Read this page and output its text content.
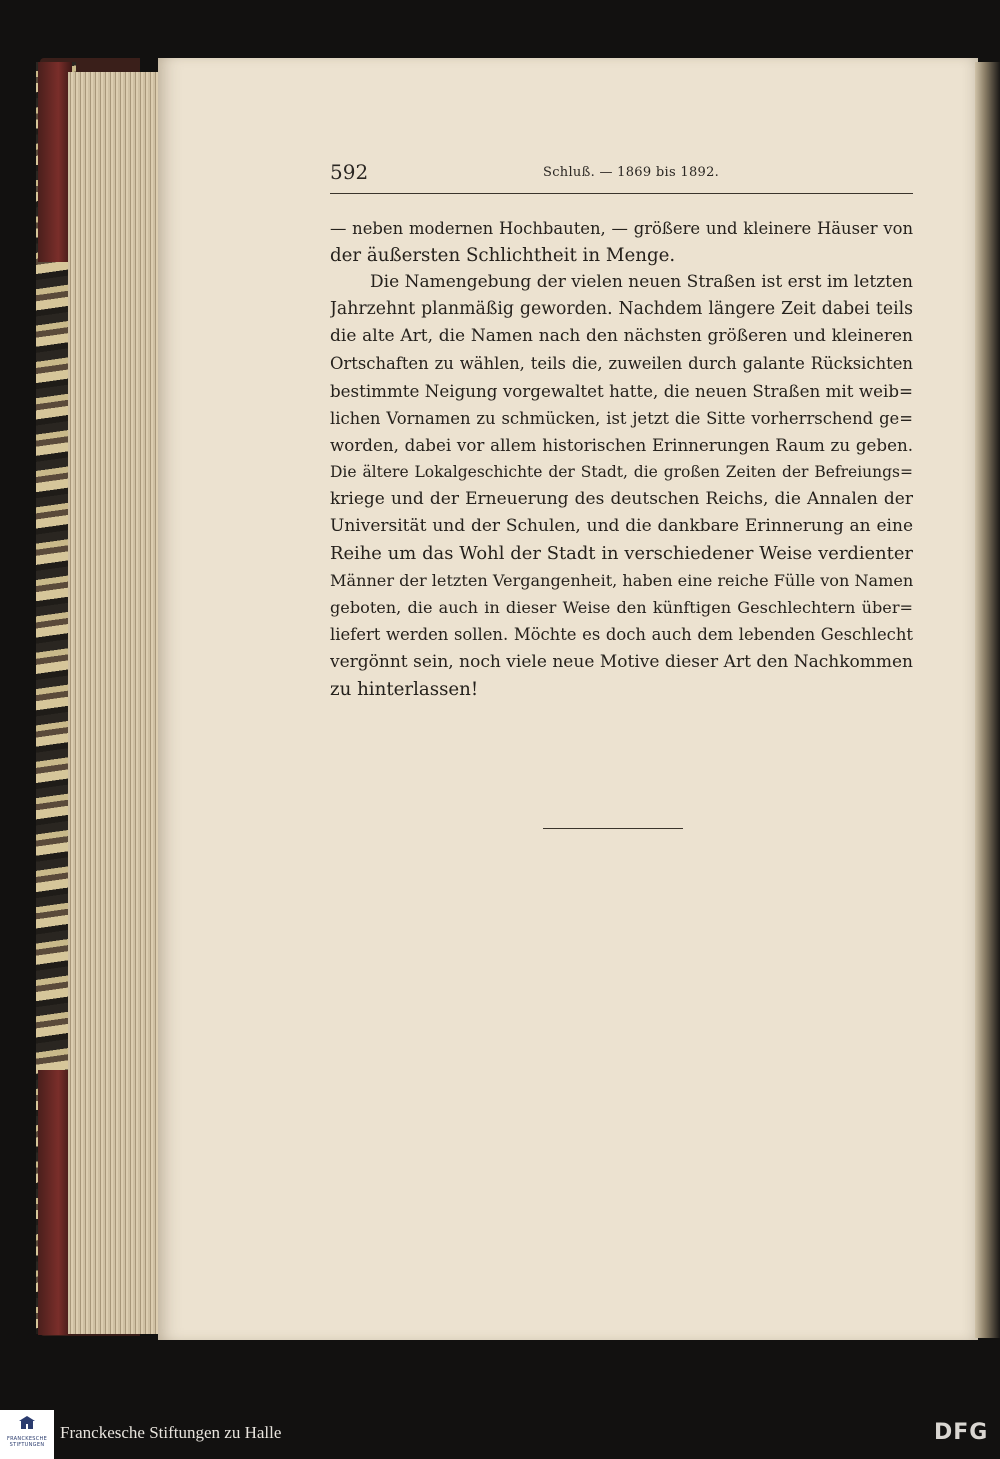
592	Schluß. — 1869 bis 1892.
— neben modernen Hochbauten, — größere und kleinere Häuser von
der äußersten Schlichtheit in Menge.
Die Namengebung der vielen neuen Straßen ist erst im letzten
Jahrzehnt planmäßig geworden. Nachdem längere Zeit dabei teils
die alte Art, die Namen nach den nächsten größeren und kleineren
Ortschaften zu wählen, teils die, zuweilen durch galante Rücksichten
bestimmte Neigung vorgewaltet hatte, die neuen Straßen mit weib=
lichen Vornamen zu schmücken, ist jetzt die Sitte vorherrschend ge=
worden, dabei vor allem historischen Erinnerungen Raum zu geben.
Die ältere Lokalgeschichte der Stadt, die großen Zeiten der Befreiungs=
kriege und der Erneuerung des deutschen Reichs, die Annalen der
Universität und der Schulen, und die dankbare Erinnerung an eine
Reihe um das Wohl der Stadt in verschiedener Weise verdienter
Männer der letzten Vergangenheit, haben eine reiche Fülle von Namen
geboten, die auch in dieser Weise den künftigen Geschlechtern über=
liefert werden sollen. Möchte es doch auch dem lebenden Geschlecht
vergönnt sein, noch viele neue Motive dieser Art den Nachkommen
zu hinterlassen!
FRANCKESCHE STIFTUNGEN
Franckesche Stiftungen zu Halle	DFG
